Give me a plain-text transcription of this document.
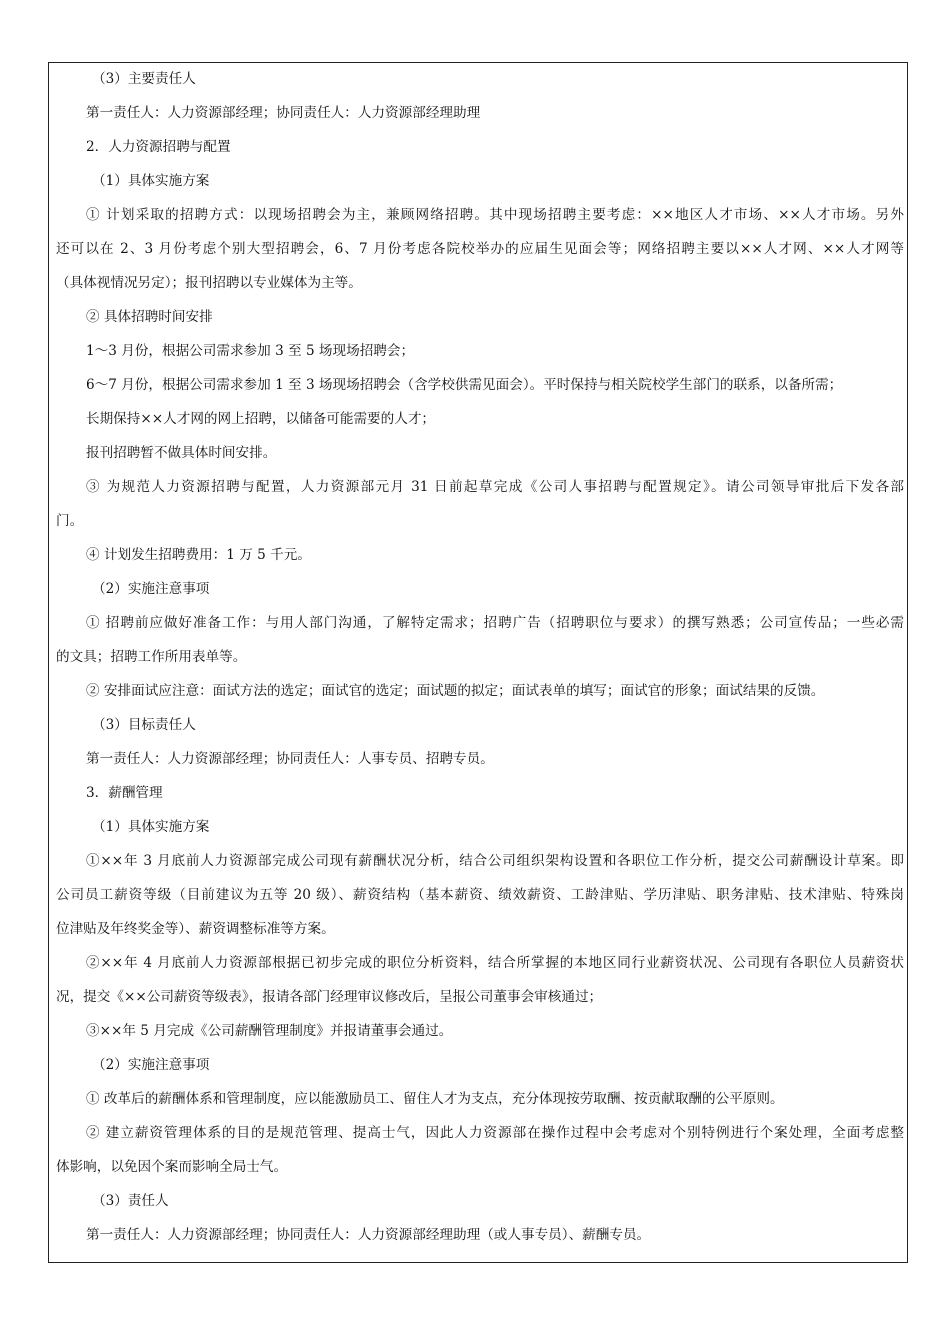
（3）主要责任人
第一责任人：人力资源部经理；协同责任人：人力资源部经理助理
2．人力资源招聘与配置
（1）具体实施方案
① 计划采取的招聘方式：以现场招聘会为主，兼顾网络招聘。其中现场招聘主要考虑：××地区人才市场、××人才市场。另外
还可以在 2、3 月份考虑个别大型招聘会，6、7 月份考虑各院校举办的应届生见面会等；网络招聘主要以××人才网、××人才网等
（具体视情况另定）；报刊招聘以专业媒体为主等。
② 具体招聘时间安排
1～3 月份，根据公司需求参加 3 至 5 场现场招聘会；
6～7 月份，根据公司需求参加 1 至 3 场现场招聘会（含学校供需见面会）。平时保持与相关院校学生部门的联系，以备所需；
长期保持××人才网的网上招聘，以储备可能需要的人才；
报刊招聘暂不做具体时间安排。
③ 为规范人力资源招聘与配置，人力资源部元月 31 日前起草完成《公司人事招聘与配置规定》。请公司领导审批后下发各部
门。
④ 计划发生招聘费用：1 万 5 千元。
（2）实施注意事项
① 招聘前应做好准备工作：与用人部门沟通，了解特定需求；招聘广告（招聘职位与要求）的撰写熟悉；公司宣传品；一些必需
的文具；招聘工作所用表单等。
② 安排面试应注意：面试方法的选定；面试官的选定；面试题的拟定；面试表单的填写；面试官的形象；面试结果的反馈。
（3）目标责任人
第一责任人：人力资源部经理；协同责任人：人事专员、招聘专员。
3．薪酬管理
（1）具体实施方案
①××年 3 月底前人力资源部完成公司现有薪酬状况分析，结合公司组织架构设置和各职位工作分析，提交公司薪酬设计草案。即
公司员工薪资等级（目前建议为五等 20 级）、薪资结构（基本薪资、绩效薪资、工龄津贴、学历津贴、职务津贴、技术津贴、特殊岗
位津贴及年终奖金等）、薪资调整标准等方案。
②××年 4 月底前人力资源部根据已初步完成的职位分析资料，结合所掌握的本地区同行业薪资状况、公司现有各职位人员薪资状
况，提交《××公司薪资等级表》，报请各部门经理审议修改后，呈报公司董事会审核通过；
③××年 5 月完成《公司薪酬管理制度》并报请董事会通过。
（2）实施注意事项
① 改革后的薪酬体系和管理制度，应以能激励员工、留住人才为支点，充分体现按劳取酬、按贡献取酬的公平原则。
② 建立薪资管理体系的目的是规范管理、提高士气，因此人力资源部在操作过程中会考虑对个别特例进行个案处理，全面考虑整
体影响，以免因个案而影响全局士气。
（3）责任人
第一责任人：人力资源部经理；协同责任人：人力资源部经理助理（或人事专员）、薪酬专员。
